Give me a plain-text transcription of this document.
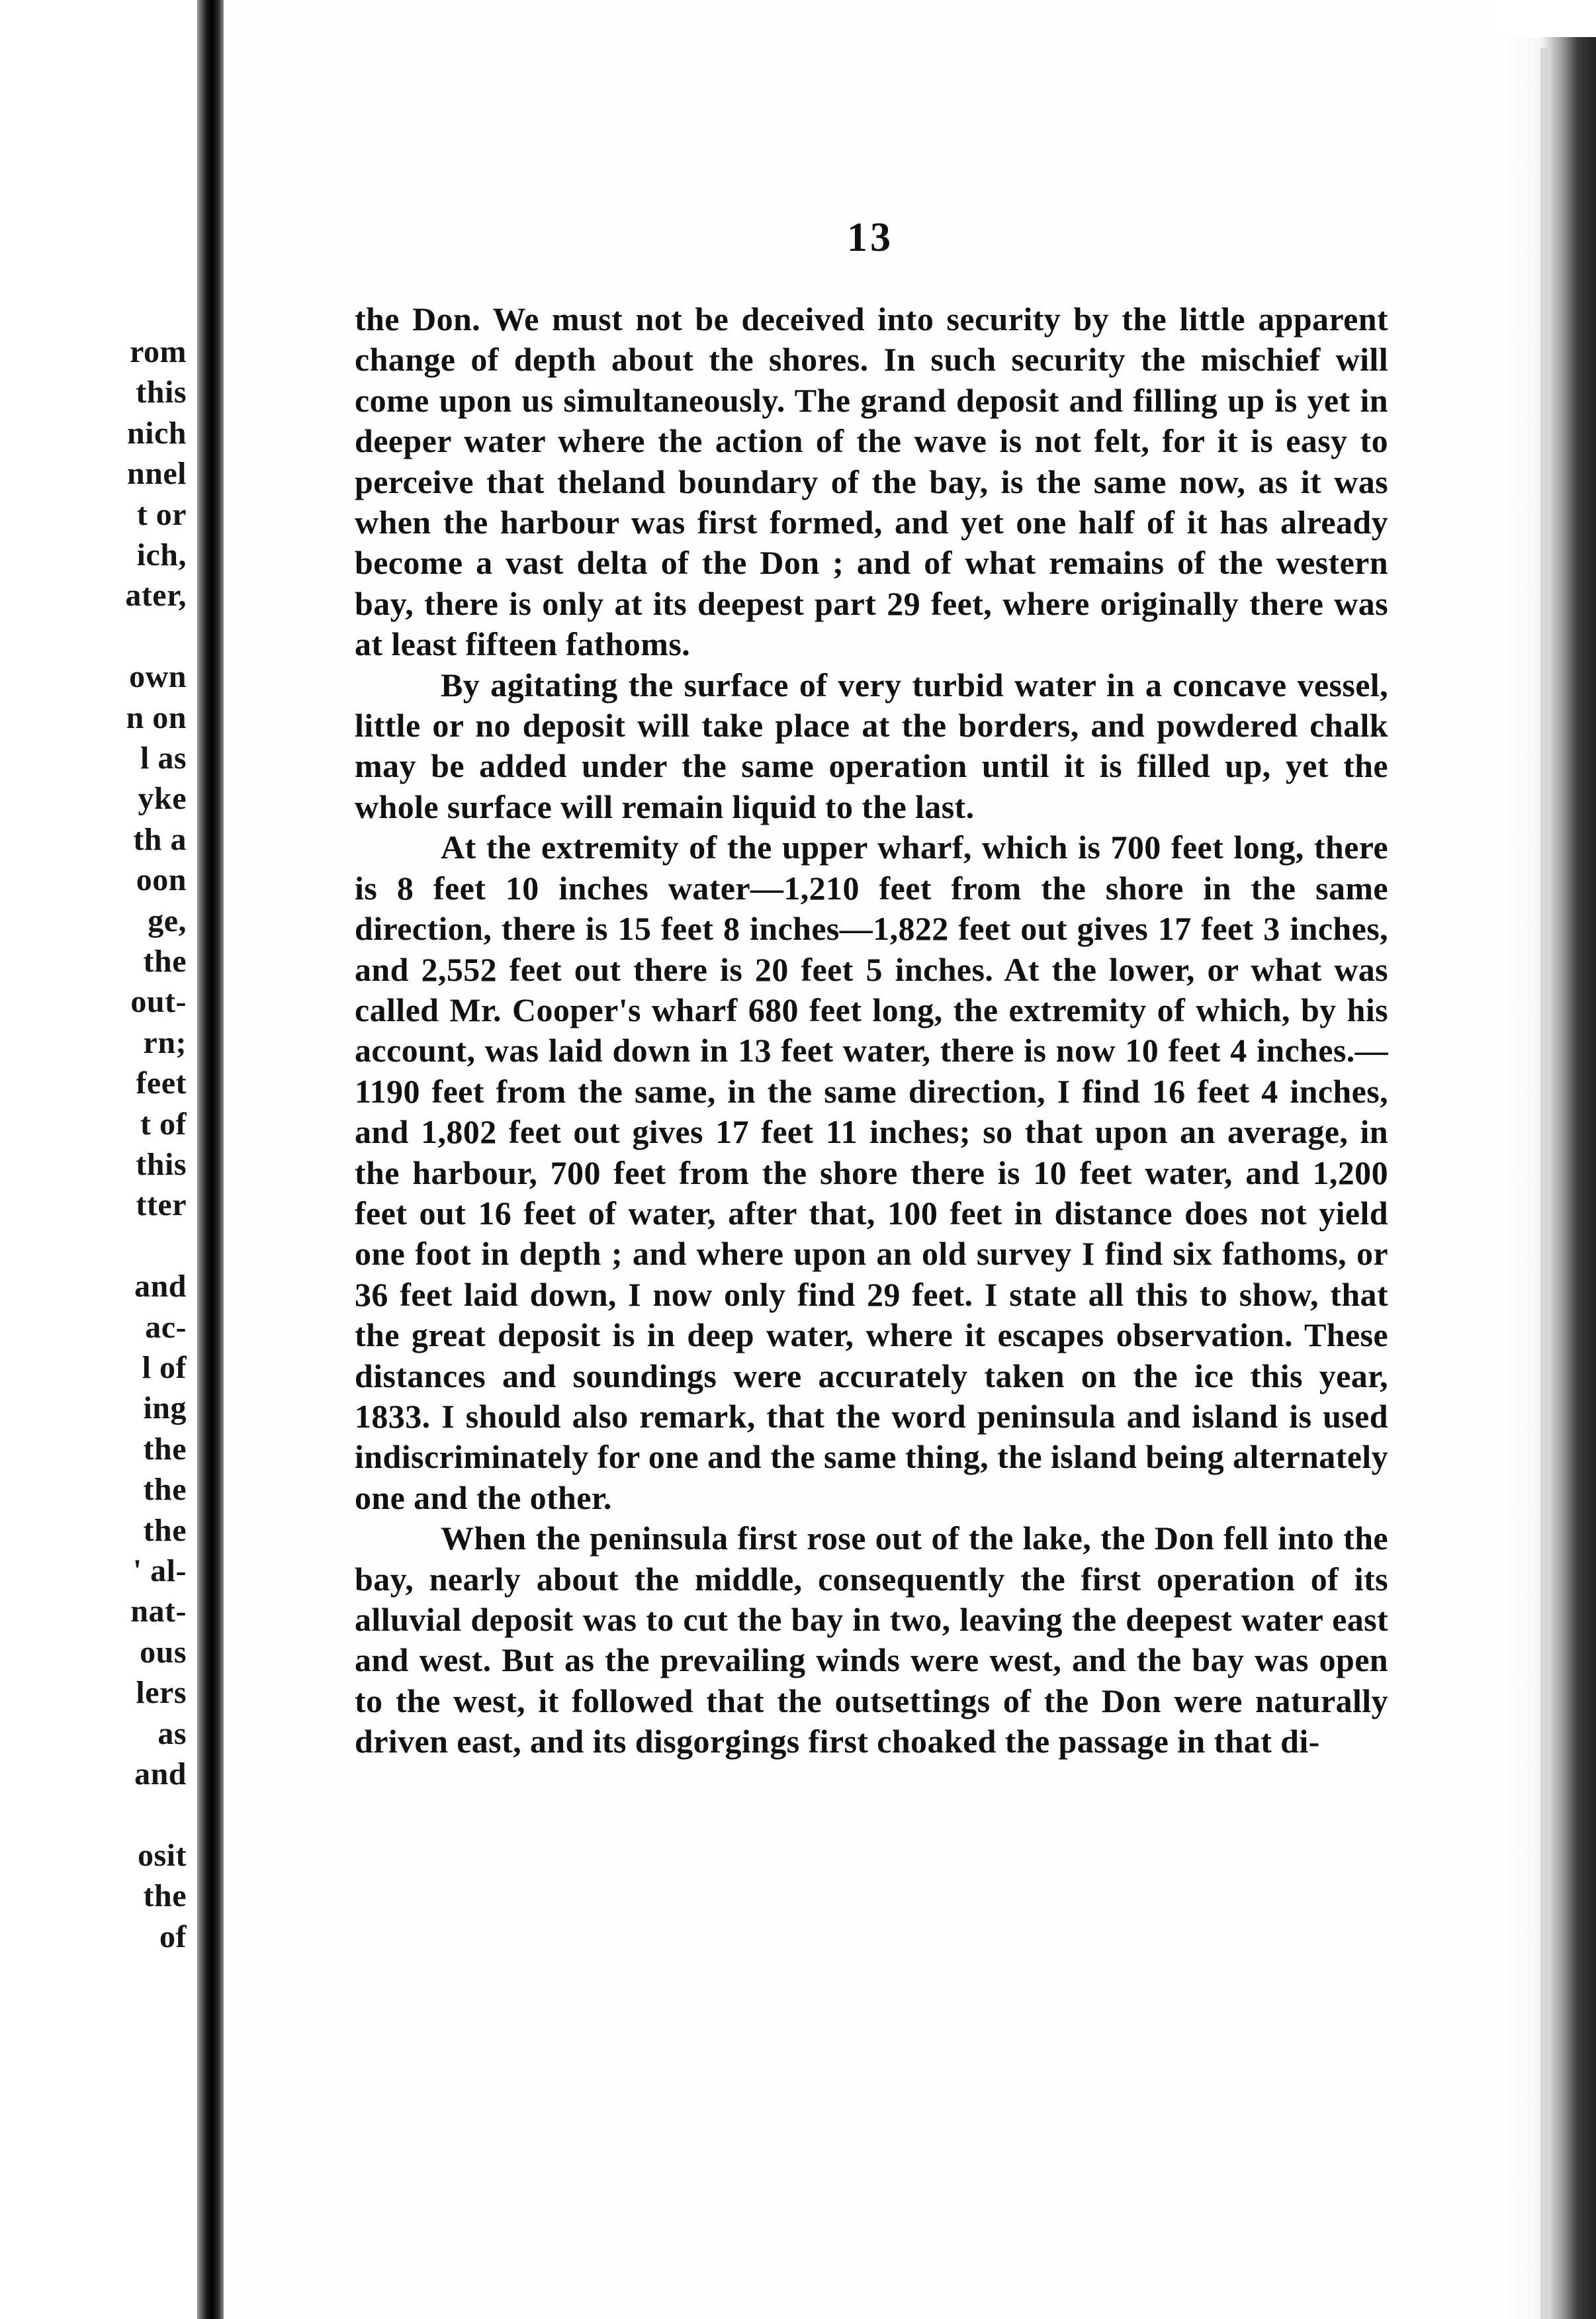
rom
this
nich
nnel
t or
ich,
ater,
own
n on
l as
yke
th a
oon
ge,
the
out-
rn;
feet
t of
this
tter
and
ac-
l of
ing
the
the
the
' al-
nat-
ous
lers
as
and
osit
the
of
13

the Don. We must not be deceived into security by the little apparent change of depth about the shores. In such security the mischief will come upon us simultaneously. The grand deposit and filling up is yet in deeper water where the action of the wave is not felt, for it is easy to perceive that theland boundary of the bay, is the same now, as it was when the harbour was first formed, and yet one half of it has already become a vast delta of the Don ; and of what remains of the western bay, there is only at its deepest part 29 feet, where originally there was at least fifteen fathoms.

By agitating the surface of very turbid water in a concave vessel, little or no deposit will take place at the borders, and powdered chalk may be added under the same operation until it is filled up, yet the whole surface will remain liquid to the last.

At the extremity of the upper wharf, which is 700 feet long, there is 8 feet 10 inches water—1,210 feet from the shore in the same direction, there is 15 feet 8 inches—1,822 feet out gives 17 feet 3 inches, and 2,552 feet out there is 20 feet 5 inches. At the lower, or what was called Mr. Cooper's wharf 680 feet long, the extremity of which, by his account, was laid down in 13 feet water, there is now 10 feet 4 inches.—1190 feet from the same, in the same direction, I find 16 feet 4 inches, and 1,802 feet out gives 17 feet 11 inches; so that upon an average, in the harbour, 700 feet from the shore there is 10 feet water, and 1,200 feet out 16 feet of water, after that, 100 feet in distance does not yield one foot in depth ; and where upon an old survey I find six fathoms, or 36 feet laid down, I now only find 29 feet. I state all this to show, that the great deposit is in deep water, where it escapes observation. These distances and soundings were accurately taken on the ice this year, 1833. I should also remark, that the word peninsula and island is used indiscriminately for one and the same thing, the island being alternately one and the other.

When the peninsula first rose out of the lake, the Don fell into the bay, nearly about the middle, consequently the first operation of its alluvial deposit was to cut the bay in two, leaving the deepest water east and west. But as the prevailing winds were west, and the bay was open to the west, it followed that the outsettings of the Don were naturally driven east, and its disgorgings first choaked the passage in that di-
